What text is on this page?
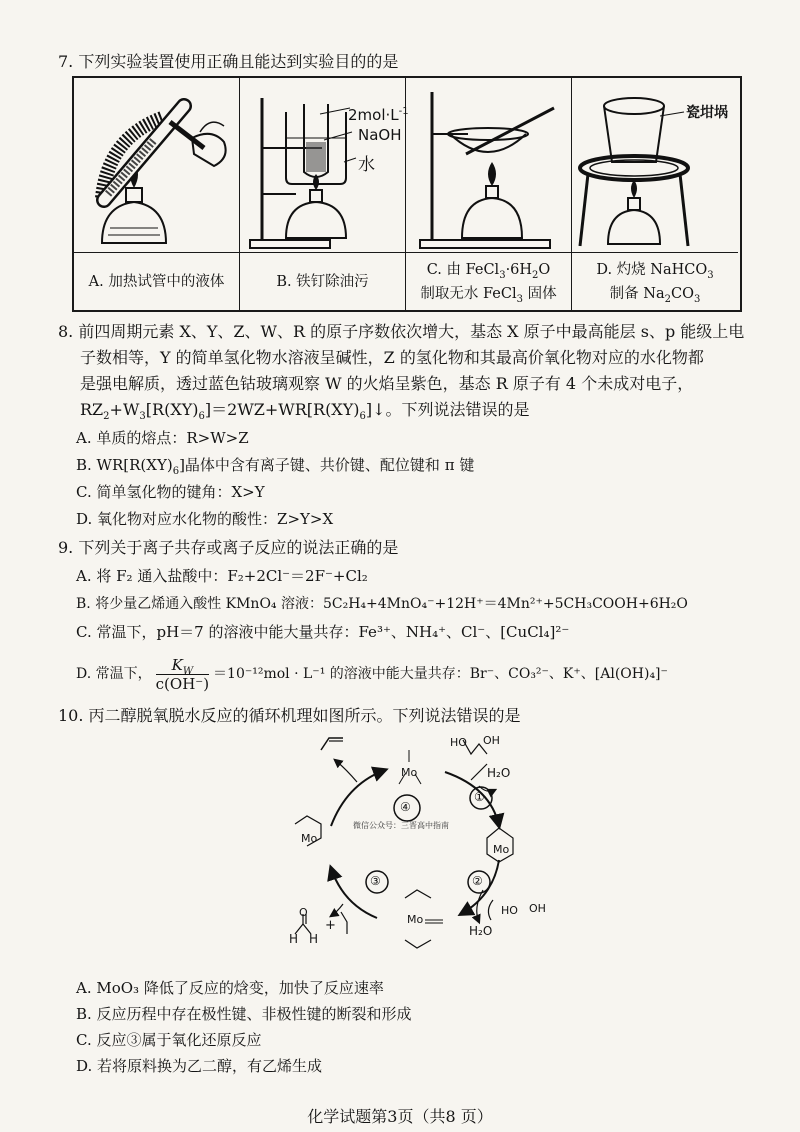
7. 下列实验装置使用正确且能达到实验目的的是
A. 加热试管中的液体
$2mol\cdot L^{-1}$
NaOH
水
B. 铁钉除油污
C. 由 $FeCl_3\cdot 6H_2O$
制取无水 FeCl$_3$ 固体
瓷坩埚
D. 灼烧 NaHCO$_3$
制备 $Na_2CO_3$
8. 前四周期元素 X、Y、Z、W、R 的原子序数依次增大，基态 X 原子中最高能层 s、p 能级上电
子数相等，Y 的简单氢化物水溶液呈碱性，Z 的氢化物和其最高价氧化物对应的水化物都
是强电解质，透过蓝色钴玻璃观察 W 的火焰呈紫色，基态 R 原子有 4 个未成对电子，
$RZ_2+W_3[R(XY)_6]=2WZ+WR[R(XY)_6]↓$。下列说法错误的是
A. 单质的熔点：R>W>Z
B. $WR[R(XY)_6]$晶体中含有离子键、共价键、配位键和 π 键
C. 简单氢化物的键角：X>Y
D. 氧化物对应水化物的酸性：Z>Y>X
9. 下列关于离子共存或离子反应的说法正确的是
A. 将 F₂ 通入盐酸中：F₂+2Cl⁻＝2F⁻+Cl₂
B. 将少量乙烯通入酸性 KMnO₄ 溶液：5C₂H₄+4MnO₄⁻+12H⁺＝4Mn²⁺+5CH₃COOH+6H₂O
C. 常温下，pH＝7 的溶液中能大量共存：Fe³⁺、NH₄⁺、Cl⁻、[CuCl₄]²⁻
D. 常温下， $\frac{K_W}{c(OH^-)} =10^{-12}mol \cdot L^{-1}$ 的溶液中能大量共存：Br⁻、CO₃²⁻、K⁺、[Al(OH)₄]⁻
10. 丙二醇脱氧脱水反应的循环机理如图所示。下列说法错误的是
Mo
Mo
Mo
Mo
HO OH
H₂O
HO OH
H₂O
O
H H
+
④
①
②
③
微信公众号：三晋高中指南
A. MoO₃ 降低了反应的焓变，加快了反应速率
B. 反应历程中存在极性键、非极性键的断裂和形成
C. 反应③属于氧化还原反应
D. 若将原料换为乙二醇，有乙烯生成
化学试题第3页（共8 页）
